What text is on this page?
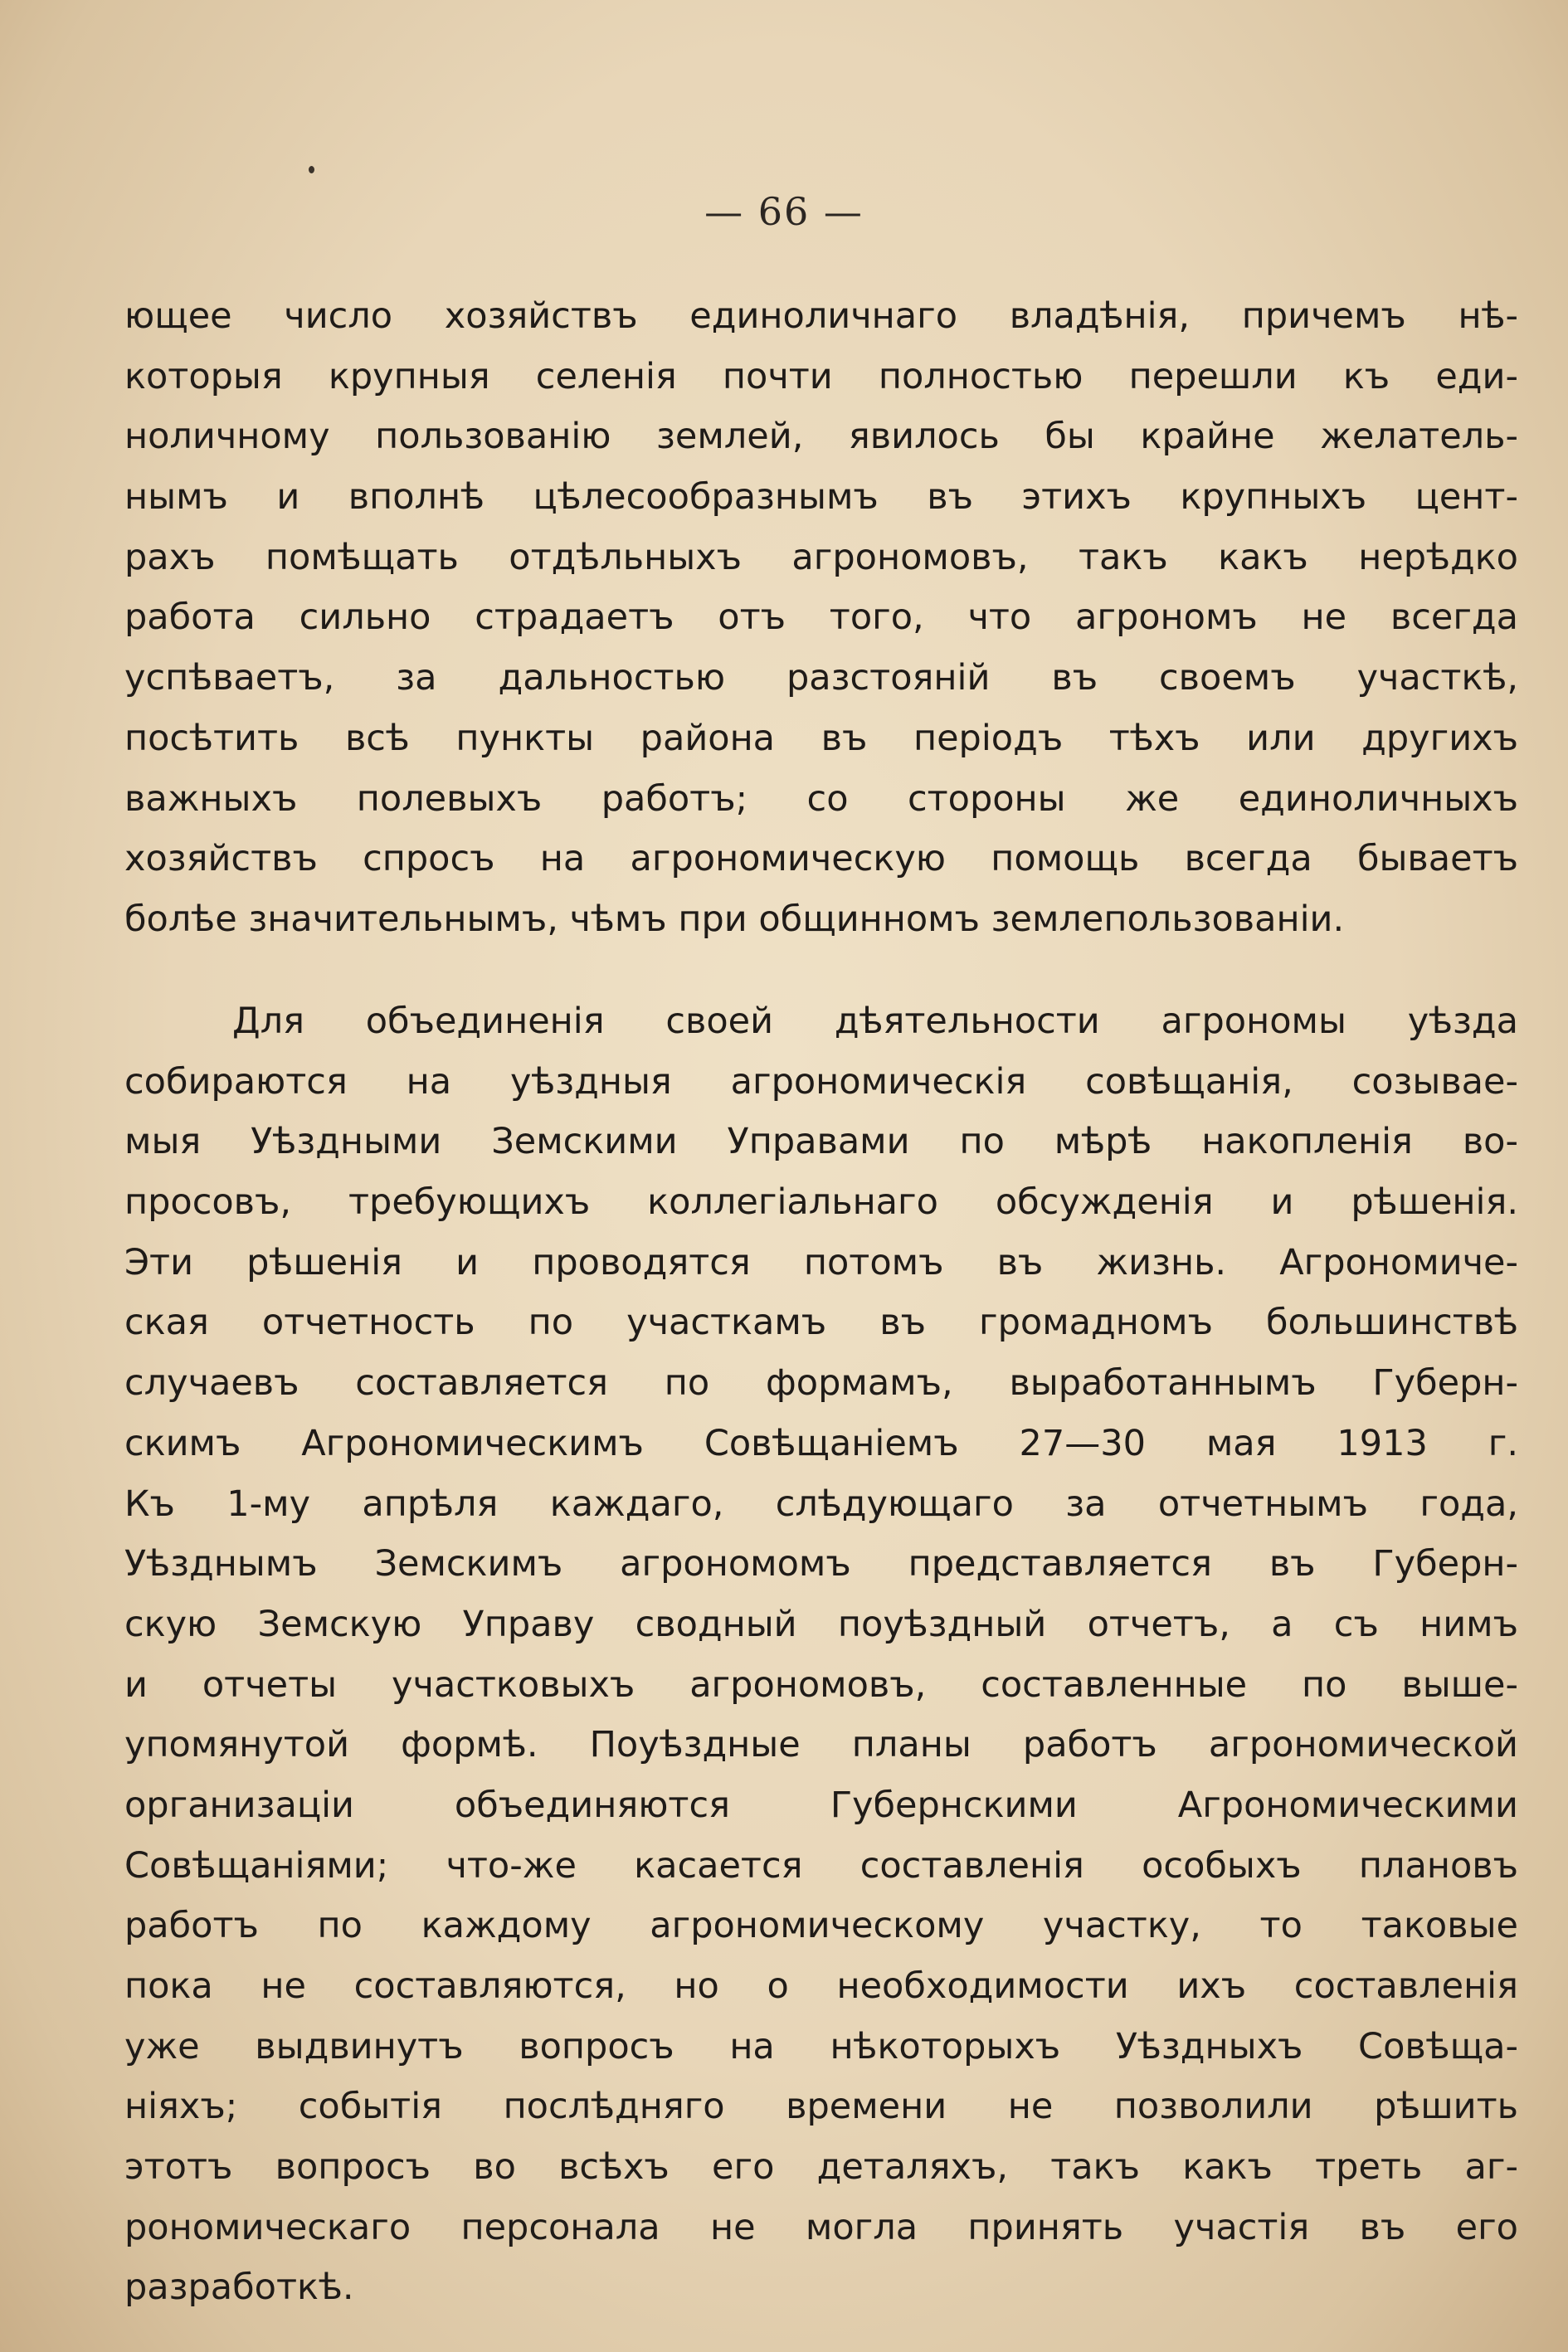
— 66 —
ющее число хозяйствъ единоличнаго владѣнія, причемъ нѣ-
которыя крупныя селенія почти полностью перешли къ еди-
ноличному пользованію землей, явилось бы крайне желатель-
нымъ и вполнѣ цѣлесообразнымъ въ этихъ крупныхъ цент-
рахъ помѣщать отдѣльныхъ агрономовъ, такъ какъ нерѣдко
работа сильно страдаетъ отъ того, что агрономъ не всегда
успѣваетъ, за дальностью разстояній въ своемъ участкѣ,
посѣтить всѣ пункты района въ періодъ тѣхъ или другихъ
важныхъ полевыхъ работъ; со стороны же единоличныхъ
хозяйствъ спросъ на агрономическую помощь всегда бываетъ
болѣе значительнымъ, чѣмъ при общинномъ землепользованіи.
Для объединенія своей дѣятельности агрономы уѣзда
собираются на уѣздныя агрономическія совѣщанія, созывае-
мыя Уѣздными Земскими Управами по мѣрѣ накопленія во-
просовъ, требующихъ коллегіальнаго обсужденія и рѣшенія.
Эти рѣшенія и проводятся потомъ въ жизнь. Агрономиче-
ская отчетность по участкамъ въ громадномъ большинствѣ
случаевъ составляется по формамъ, выработаннымъ Губерн-
скимъ Агрономическимъ Совѣщаніемъ 27—30 мая 1913 г.
Къ 1-му апрѣля каждаго, слѣдующаго за отчетнымъ года,
Уѣзднымъ Земскимъ агрономомъ представляется въ Губерн-
скую Земскую Управу сводный поуѣздный отчетъ, а съ нимъ
и отчеты участковыхъ агрономовъ, составленные по выше-
упомянутой формѣ. Поуѣздные планы работъ агрономической
организаціи объединяются Губернскими Агрономическими
Совѣщаніями; что-же касается составленія особыхъ плановъ
работъ по каждому агрономическому участку, то таковые
пока не составляются, но о необходимости ихъ составленія
уже выдвинутъ вопросъ на нѣкоторыхъ Уѣздныхъ Совѣща-
ніяхъ; событія послѣдняго времени не позволили рѣшить
этотъ вопросъ во всѣхъ его деталяхъ, такъ какъ треть аг-
рономическаго персонала не могла принять участія въ его
разработкѣ.
